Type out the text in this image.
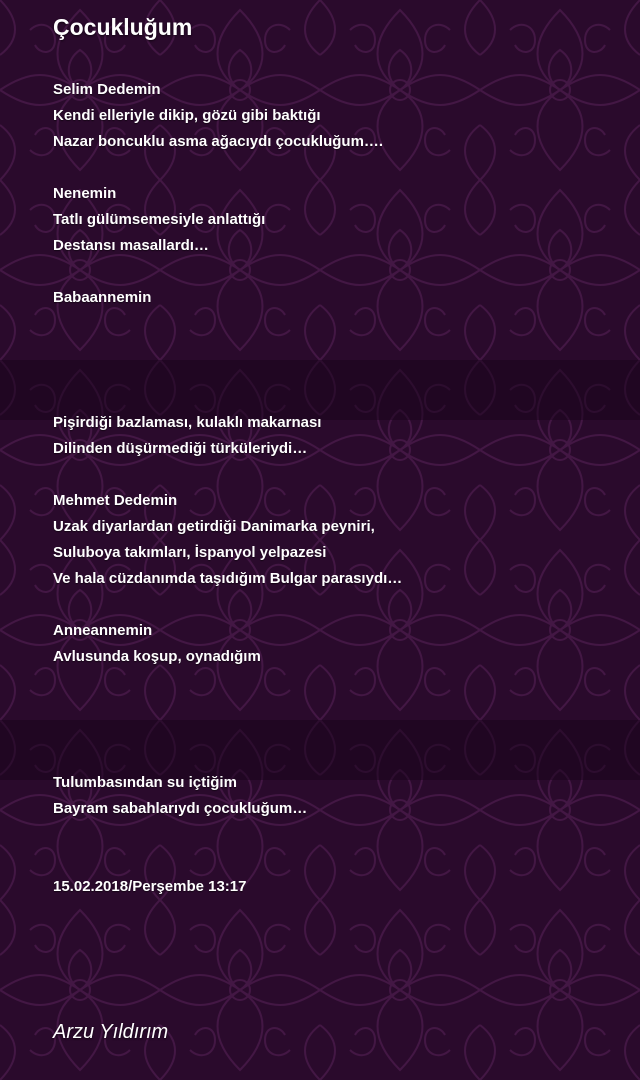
Çocukluğum

Selim Dedemin

Kendi elleriyle dikip, gözü gibi baktığı

Nazar boncuklu asma ağacıydı çocukluğum….

Nenemin

Tatlı gülümsemesiyle anlattığı

Destansı masallardı…

Babaannemin

Pişirdiği bazlaması, kulaklı makarnası

Dilinden düşürmediği türküleriydi…

Mehmet Dedemin

Uzak diyarlardan getirdiği Danimarka peyniri,

Suluboya takımları, İspanyol yelpazesi

Ve hala cüzdanımda taşıdığım Bulgar parasıydı…

Anneannemin

Avlusunda koşup, oynadığım

Tulumbasından su içtiğim

Bayram sabahlarıydı çocukluğum…

15.02.2018/Perşembe 13:17

Arzu Yıldırım
